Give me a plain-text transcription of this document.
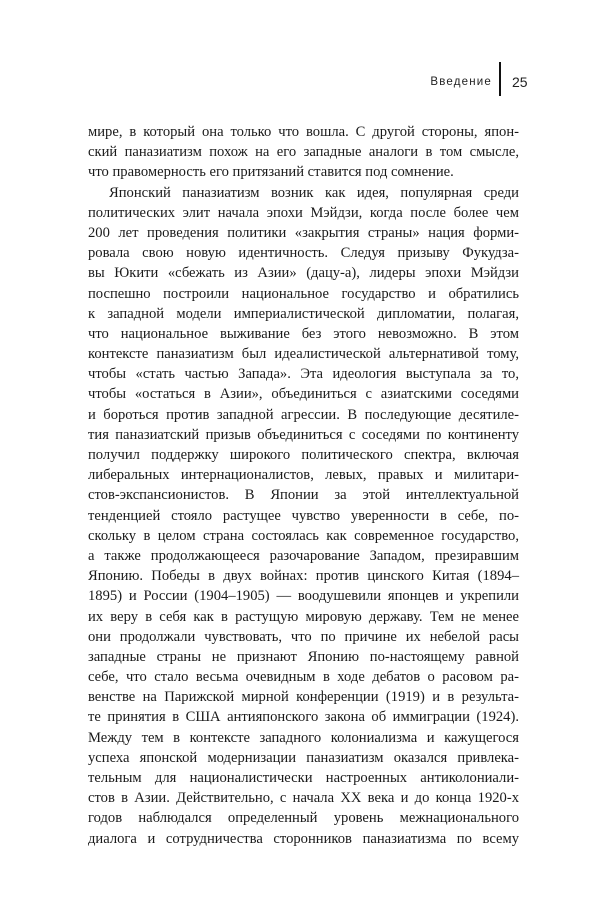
Введение 25
мире, в который она только что вошла. С другой стороны, япон-
ский паназиатизм похож на его западные аналоги в том смысле,
что правомерность его притязаний ставится под сомнение.
Японский паназиатизм возник как идея, популярная среди
политических элит начала эпохи Мэйдзи, когда после более чем
200 лет проведения политики «закрытия страны» нация форми-
ровала свою новую идентичность. Следуя призыву Фукудза-
вы Юкити «сбежать из Азии» (дацу-а), лидеры эпохи Мэйдзи
поспешно построили национальное государство и обратились
к западной модели империалистической дипломатии, полагая,
что национальное выживание без этого невозможно. В этом
контексте паназиатизм был идеалистической альтернативой тому,
чтобы «стать частью Запада». Эта идеология выступала за то,
чтобы «остаться в Азии», объединиться с азиатскими соседями
и бороться против западной агрессии. В последующие десятиле-
тия паназиатский призыв объединиться с соседями по континенту
получил поддержку широкого политического спектра, включая
либеральных интернационалистов, левых, правых и милитари-
стов-экспансионистов. В Японии за этой интеллектуальной
тенденцией стояло растущее чувство уверенности в себе, по-
скольку в целом страна состоялась как современное государство,
а также продолжающееся разочарование Западом, презиравшим
Японию. Победы в двух войнах: против цинского Китая (1894–
1895) и России (1904–1905) — воодушевили японцев и укрепили
их веру в себя как в растущую мировую державу. Тем не менее
они продолжали чувствовать, что по причине их небелой расы
западные страны не признают Японию по-настоящему равной
себе, что стало весьма очевидным в ходе дебатов о расовом ра-
венстве на Парижской мирной конференции (1919) и в результа-
те принятия в США антияпонского закона об иммиграции (1924).
Между тем в контексте западного колониализма и кажущегося
успеха японской модернизации паназиатизм оказался привлека-
тельным для националистически настроенных антиколониали-
стов в Азии. Действительно, с начала XX века и до конца 1920-х
годов наблюдался определенный уровень межнационального
диалога и сотрудничества сторонников паназиатизма по всему
